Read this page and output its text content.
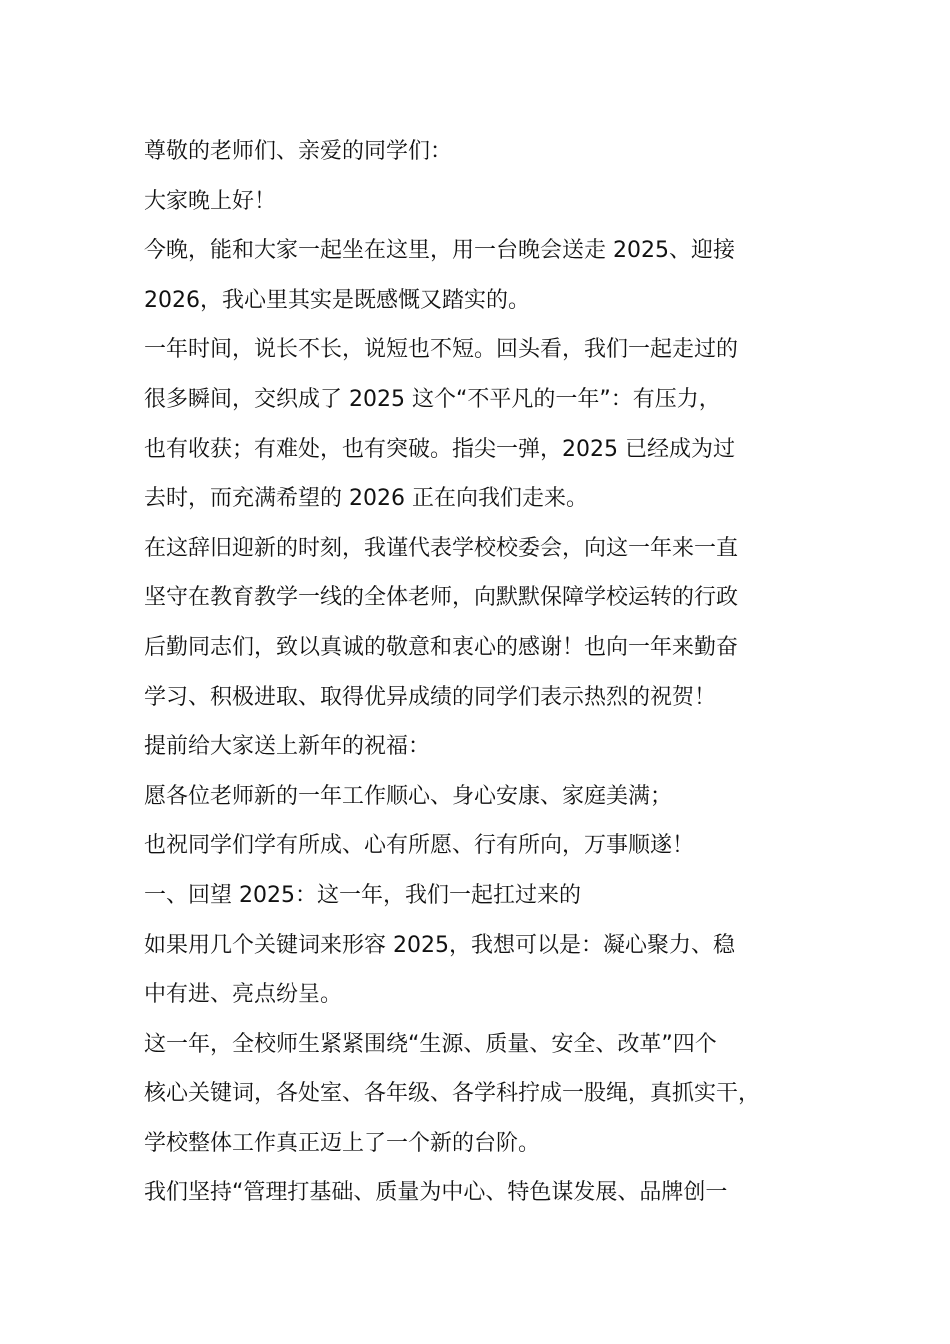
尊敬的老师们、亲爱的同学们：
大家晚上好！
今晚，能和大家一起坐在这里，用一台晚会送走 2025、迎接
2026，我心里其实是既感慨又踏实的。
一年时间，说长不长，说短也不短。回头看，我们一起走过的
很多瞬间，交织成了 2025 这个“不平凡的一年”：有压力，
也有收获；有难处，也有突破。指尖一弹，2025 已经成为过
去时，而充满希望的 2026 正在向我们走来。
在这辞旧迎新的时刻，我谨代表学校校委会，向这一年来一直
坚守在教育教学一线的全体老师，向默默保障学校运转的行政
后勤同志们，致以真诚的敬意和衷心的感谢！也向一年来勤奋
学习、积极进取、取得优异成绩的同学们表示热烈的祝贺！
提前给大家送上新年的祝福：
愿各位老师新的一年工作顺心、身心安康、家庭美满；
也祝同学们学有所成、心有所愿、行有所向，万事顺遂！
一、回望 2025：这一年，我们一起扛过来的
如果用几个关键词来形容 2025，我想可以是：凝心聚力、稳
中有进、亮点纷呈。
这一年，全校师生紧紧围绕“生源、质量、安全、改革”四个
核心关键词，各处室、各年级、各学科拧成一股绳，真抓实干，
学校整体工作真正迈上了一个新的台阶。
我们坚持“管理打基础、质量为中心、特色谋发展、品牌创一
